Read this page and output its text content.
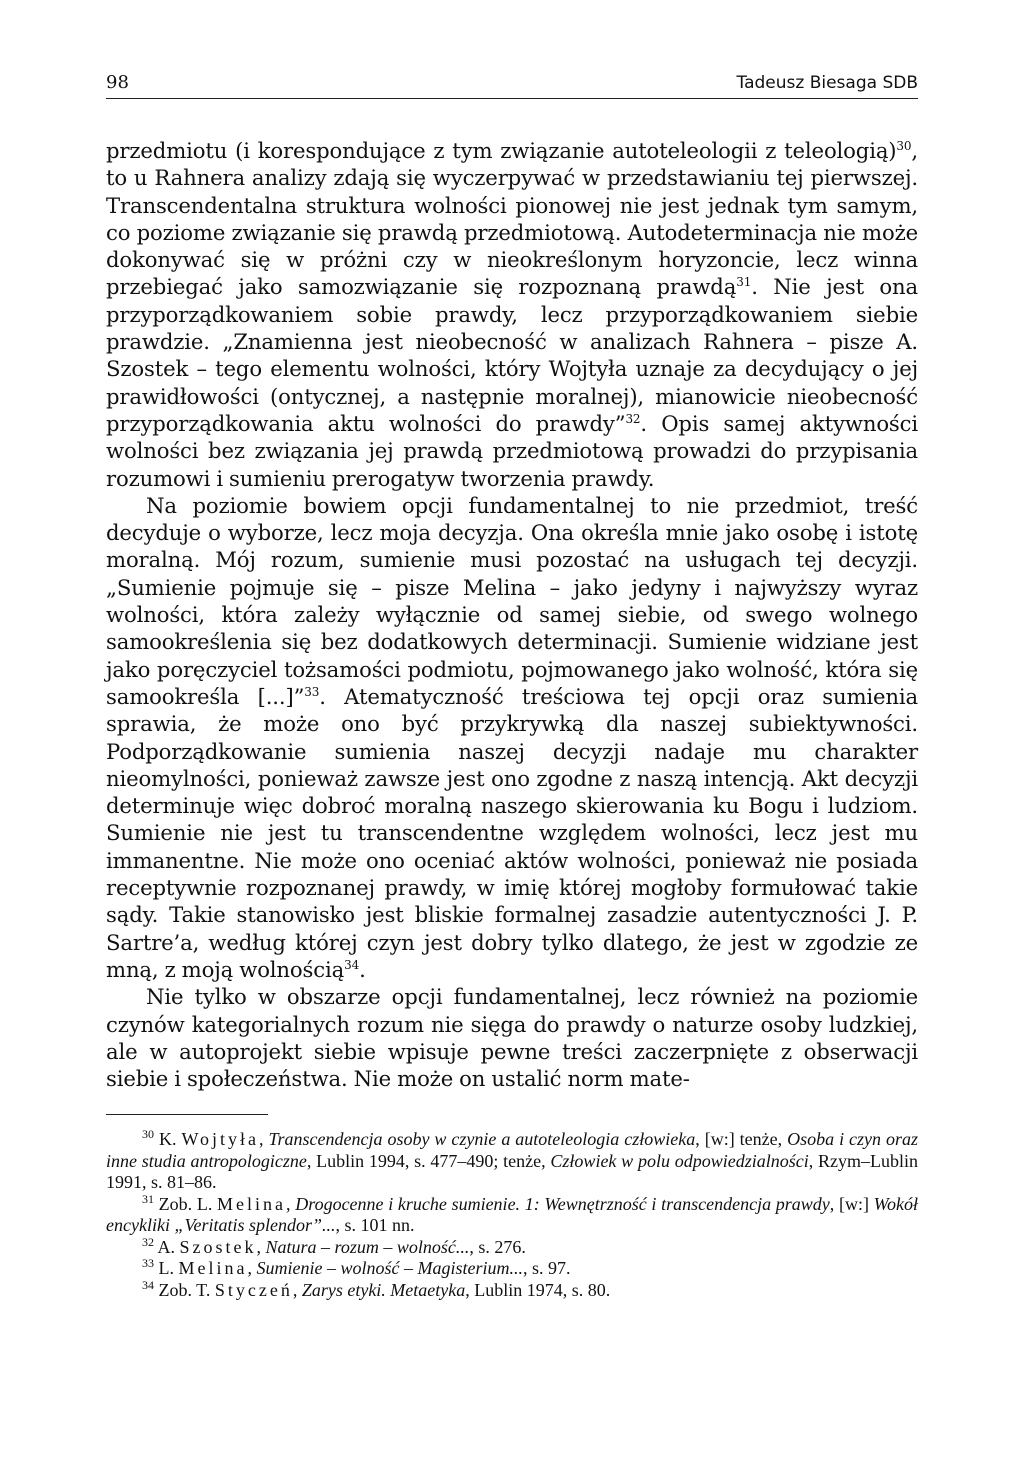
98	Tadeusz Biesaga SDB

przedmiotu (i korespondujące z tym związanie autoteleologii z teleologią)$^{30}$, to u Rahnera analizy zdają się wyczerpywać w przedstawianiu tej pierwszej. Transcendentalna struktura wolności pionowej nie jest jednak tym samym, co poziome związanie się prawdą przedmiotową. Autodeterminacja nie może dokonywać się w próżni czy w nieokreślonym horyzoncie, lecz winna przebiegać jako samozwiązanie się rozpoznaną prawdą$^{31}$. Nie jest ona przyporządkowaniem sobie prawdy, lecz przyporządkowaniem siebie prawdzie. „Znamienna jest nieobecność w analizach Rahnera – pisze A. Szostek – tego elementu wolności, który Wojtyła uznaje za decydujący o jej prawidłowości (ontycznej, a następnie moralnej), mianowicie nieobecność przyporządkowania aktu wolności do prawdy”$^{32}$. Opis samej aktywności wolności bez związania jej prawdą przedmiotową prowadzi do przypisania rozumowi i sumieniu prerogatyw tworzenia prawdy.

Na poziomie bowiem opcji fundamentalnej to nie przedmiot, treść decyduje o wyborze, lecz moja decyzja. Ona określa mnie jako osobę i istotę moralną. Mój rozum, sumienie musi pozostać na usługach tej decyzji. „Sumienie pojmuje się – pisze Melina – jako jedyny i najwyższy wyraz wolności, która zależy wyłącznie od samej siebie, od swego wolnego samookreślenia się bez dodatkowych determinacji. Sumienie widziane jest jako poręczyciel tożsamości podmiotu, pojmowanego jako wolność, która się samookreśla [...]”$^{33}$. Atematyczność treściowa tej opcji oraz sumienia sprawia, że może ono być przykrywką dla naszej subiektywności. Podporządkowanie sumienia naszej decyzji nadaje mu charakter nieomylności, ponieważ zawsze jest ono zgodne z naszą intencją. Akt decyzji determinuje więc dobroć moralną naszego skierowania ku Bogu i ludziom. Sumienie nie jest tu transcendentne względem wolności, lecz jest mu immanentne. Nie może ono oceniać aktów wolności, ponieważ nie posiada receptywnie rozpoznanej prawdy, w imię której mogłoby formułować takie sądy. Takie stanowisko jest bliskie formalnej zasadzie autentyczności J. P. Sartre’a, według której czyn jest dobry tylko dlatego, że jest w zgodzie ze mną, z moją wolnością$^{34}$.

Nie tylko w obszarze opcji fundamentalnej, lecz również na poziomie czynów kategorialnych rozum nie sięga do prawdy o naturze osoby ludzkiej, ale w autoprojekt siebie wpisuje pewne treści zaczerpnięte z obserwacji siebie i społeczeństwa. Nie może on ustalić norm mate-

$^{30}$ K. Wojtyła, Transcendencja osoby w czynie a autoteleologia człowieka, [w:] tenże, Osoba i czyn oraz inne studia antropologiczne, Lublin 1994, s. 477–490; tenże, Człowiek w polu odpowiedzialności, Rzym–Lublin 1991, s. 81–86.

$^{31}$ Zob. L. Melina, Drogocenne i kruche sumienie. 1: Wewnętrzność i transcendencja prawdy, [w:] Wokół encykliki „Veritatis splendor”..., s. 101 nn.

$^{32}$ A. Szostek, Natura – rozum – wolność..., s. 276.

$^{33}$ L. Melina, Sumienie – wolność – Magisterium..., s. 97.

$^{34}$ Zob. T. Styczeń, Zarys etyki. Metaetyka, Lublin 1974, s. 80.
